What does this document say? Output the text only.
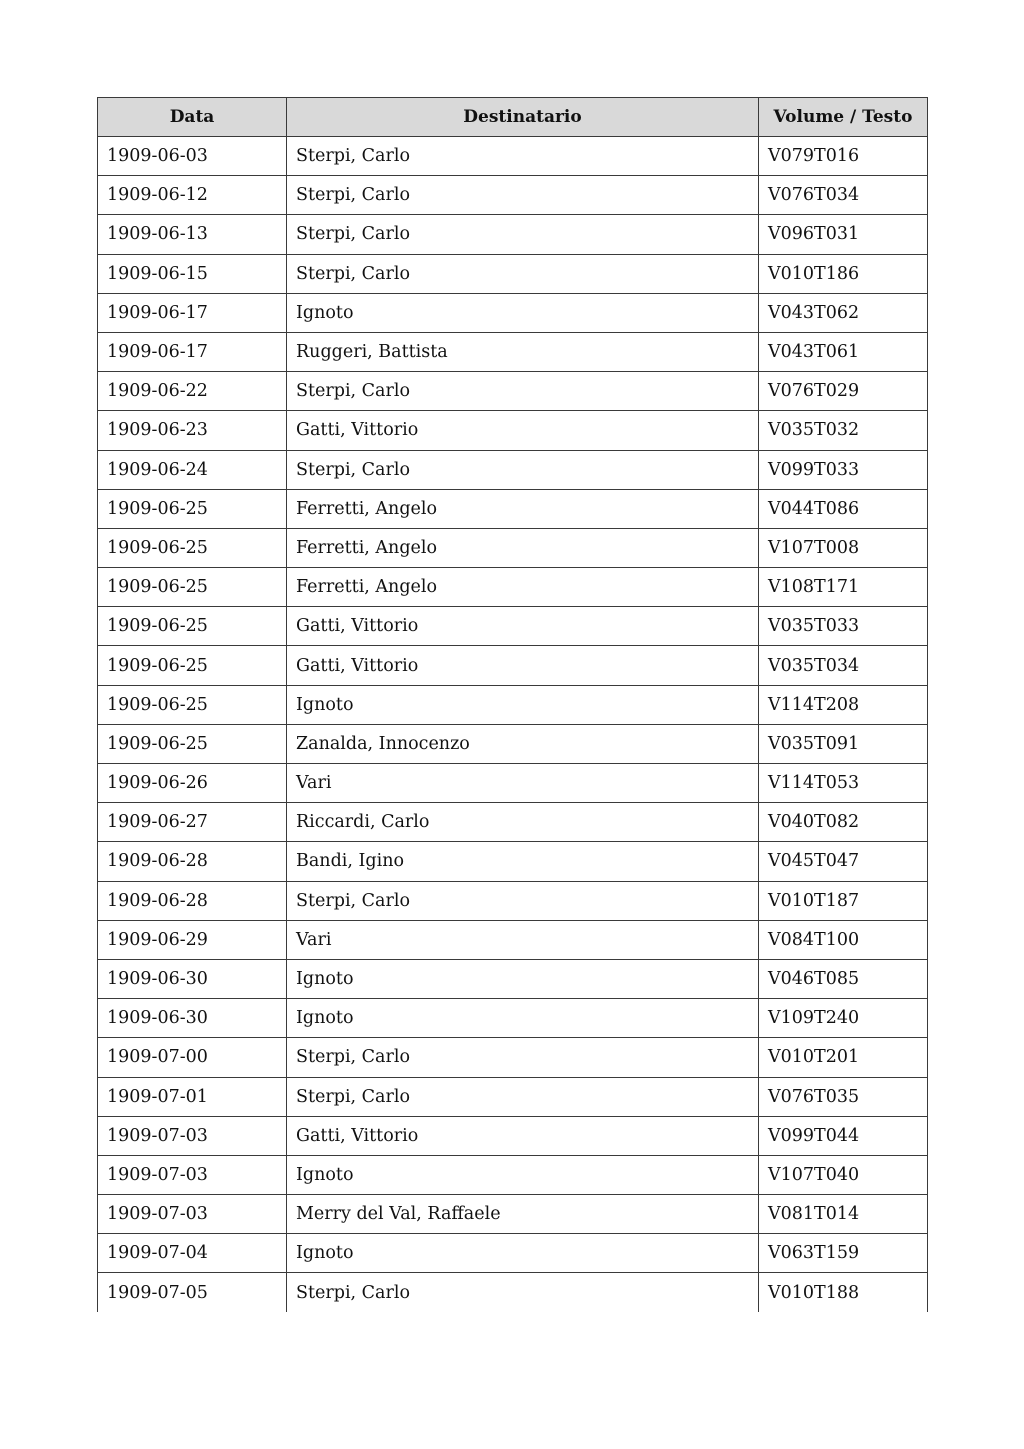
Data	Destinatario	Volume / Testo
1909-06-03	Sterpi, Carlo	V079T016
1909-06-12	Sterpi, Carlo	V076T034
1909-06-13	Sterpi, Carlo	V096T031
1909-06-15	Sterpi, Carlo	V010T186
1909-06-17	Ignoto	V043T062
1909-06-17	Ruggeri, Battista	V043T061
1909-06-22	Sterpi, Carlo	V076T029
1909-06-23	Gatti, Vittorio	V035T032
1909-06-24	Sterpi, Carlo	V099T033
1909-06-25	Ferretti, Angelo	V044T086
1909-06-25	Ferretti, Angelo	V107T008
1909-06-25	Ferretti, Angelo	V108T171
1909-06-25	Gatti, Vittorio	V035T033
1909-06-25	Gatti, Vittorio	V035T034
1909-06-25	Ignoto	V114T208
1909-06-25	Zanalda, Innocenzo	V035T091
1909-06-26	Vari	V114T053
1909-06-27	Riccardi, Carlo	V040T082
1909-06-28	Bandi, Igino	V045T047
1909-06-28	Sterpi, Carlo	V010T187
1909-06-29	Vari	V084T100
1909-06-30	Ignoto	V046T085
1909-06-30	Ignoto	V109T240
1909-07-00	Sterpi, Carlo	V010T201
1909-07-01	Sterpi, Carlo	V076T035
1909-07-03	Gatti, Vittorio	V099T044
1909-07-03	Ignoto	V107T040
1909-07-03	Merry del Val, Raffaele	V081T014
1909-07-04	Ignoto	V063T159
1909-07-05	Sterpi, Carlo	V010T188
